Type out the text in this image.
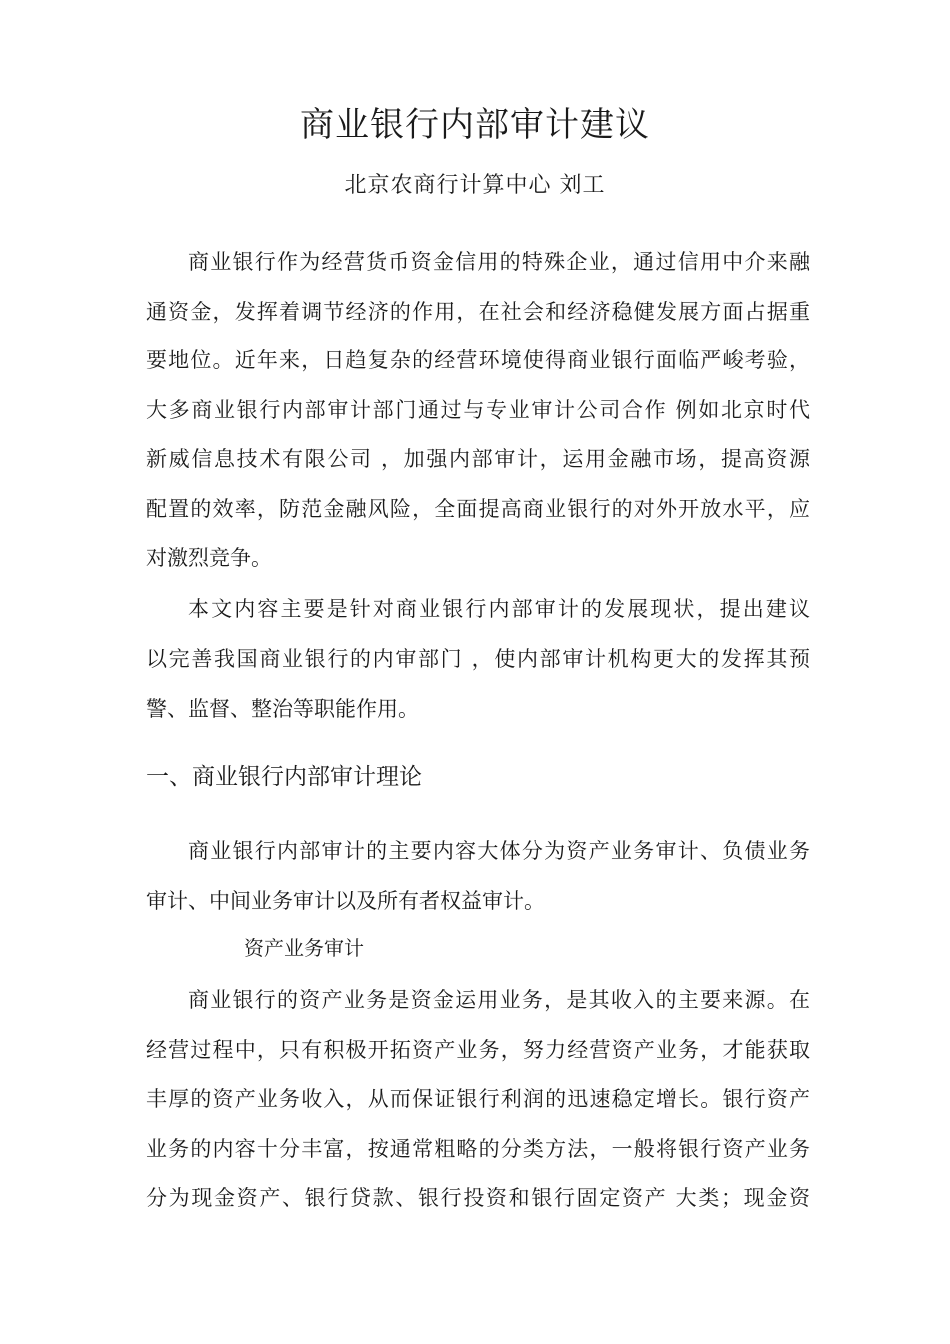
商业银行内部审计建议
北京农商行计算中心 刘工
商业银行作为经营货币资金信用的特殊企业，通过信用中介来融
通资金，发挥着调节经济的作用，在社会和经济稳健发展方面占据重
要地位。近年来，日趋复杂的经营环境使得商业银行面临严峻考验，
大多商业银行内部审计部门通过与专业审计公司合作 例如北京时代
新威信息技术有限公司 ，加强内部审计，运用金融市场，提高资源
配置的效率，防范金融风险，全面提高商业银行的对外开放水平，应
对激烈竞争。
本文内容主要是针对商业银行内部审计的发展现状，提出建议
以完善我国商业银行的内审部门 ，使内部审计机构更大的发挥其预
警、监督、整治等职能作用。
一、商业银行内部审计理论
商业银行内部审计的主要内容大体分为资产业务审计、负债业务
审计、中间业务审计以及所有者权益审计。
资产业务审计
商业银行的资产业务是资金运用业务，是其收入的主要来源。在
经营过程中，只有积极开拓资产业务，努力经营资产业务，才能获取
丰厚的资产业务收入，从而保证银行利润的迅速稳定增长。银行资产
业务的内容十分丰富，按通常粗略的分类方法，一般将银行资产业务
分为现金资产、银行贷款、银行投资和银行固定资产 大类；现金资
